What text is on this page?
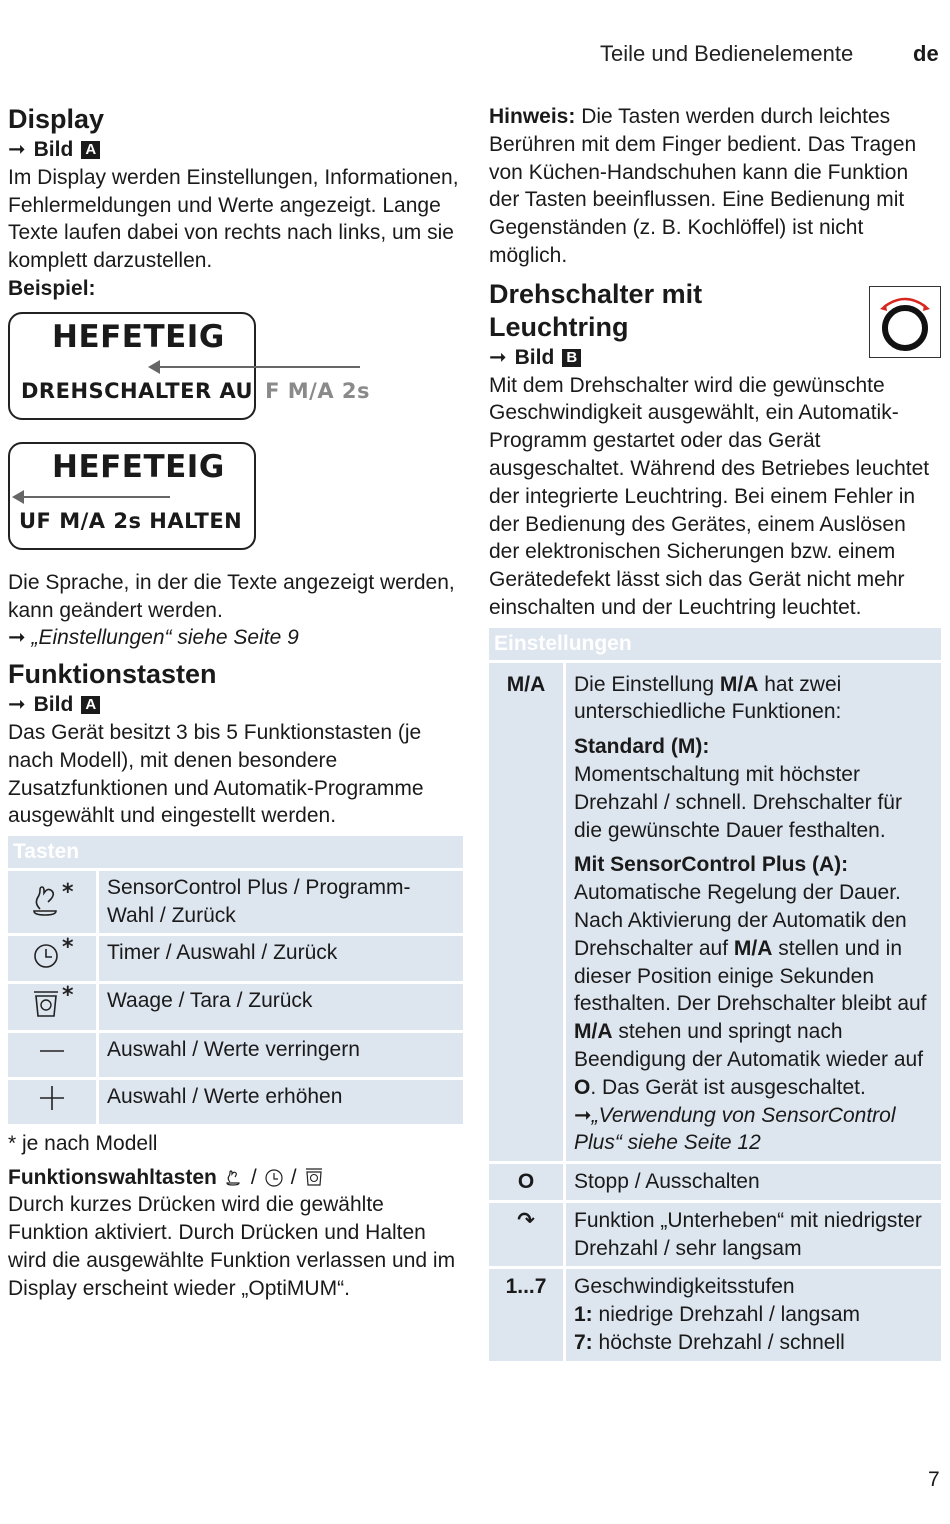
Teile und Bedienelemente	de
Display
➞ Bild A

Im Display werden Einstellungen, Informationen, Fehlermeldungen und Werte angezeigt. Lange Texte laufen dabei von rechts nach links, um sie komplett darzustellen.

Beispiel:

HEFETEIG
DREHSCHALTER AU F M/A 2s
HEFETEIG
UF M/A 2s HALTEN

Die Sprache, in der die Texte angezeigt werden, kann geändert werden.

➞ „Einstellungen“ siehe Seite 9
Funktionstasten
➞ Bild A

Das Gerät besitzt 3 bis 5 Funktionstasten (je nach Modell), mit denen besondere Zusatzfunktionen und Automatik-Programme ausgewählt und eingestellt werden.

Tasten	

*	SensorControl Plus / Programm-Wahl / Zurück

*	Timer / Auswahl / Zurück

*	Waage / Tara / Zurück
	Auswahl / Werte verringern
	Auswahl / Werte erhöhen

* je nach Modell

Funktionswahltasten / /

Durch kurzes Drücken wird die gewählte Funktion aktiviert. Durch Drücken und Halten wird die ausgewählte Funktion verlassen und im Display erscheint wieder „OptiMUM“.

Hinweis: Die Tasten werden durch leichtes Berühren mit dem Finger bedient. Das Tragen von Küchen-Handschuhen kann die Funktion der Tasten beeinflussen. Eine Bedienung mit Gegenständen (z. B. Kochlöffel) ist nicht möglich.

Drehschalter mit
Leuchtring
➞ Bild B

Mit dem Drehschalter wird die gewünschte Geschwindigkeit ausgewählt, ein Automatik-Programm gestartet oder das Gerät ausgeschaltet. Während des Betriebes leuchtet der integrierte Leuchtring. Bei einem Fehler in der Bedienung des Gerätes, einem Auslösen der elektronischen Sicherungen bzw. einem Gerätedefekt lässt sich das Gerät nicht mehr einschalten und der Leuchtring leuchtet.

Einstellungen	
M/A	Die Einstellung M/A hat zwei unterschiedliche Funktionen:

Standard (M):

Momentschaltung mit höchster Drehzahl / schnell. Drehschalter für die gewünschte Dauer festhalten.

Mit SensorControl Plus (A):

Automatische Regelung der Dauer. Nach Aktivierung der Automatik den Drehschalter auf M/A stellen und in dieser Position einige Sekunden festhalten. Der Drehschalter bleibt auf M/A stehen und springt nach Beendigung der Automatik wieder auf O. Das Gerät ist ausgeschaltet. ➞„Verwendung von SensorControl Plus“ siehe Seite 12

O	Stopp / Ausschalten
↷	Funktion „Unterheben“ mit niedrigster Drehzahl / sehr langsam
1...7	Geschwindigkeitsstufen

1: niedrige Drehzahl / langsam

7: höchste Drehzahl / schnell

7
